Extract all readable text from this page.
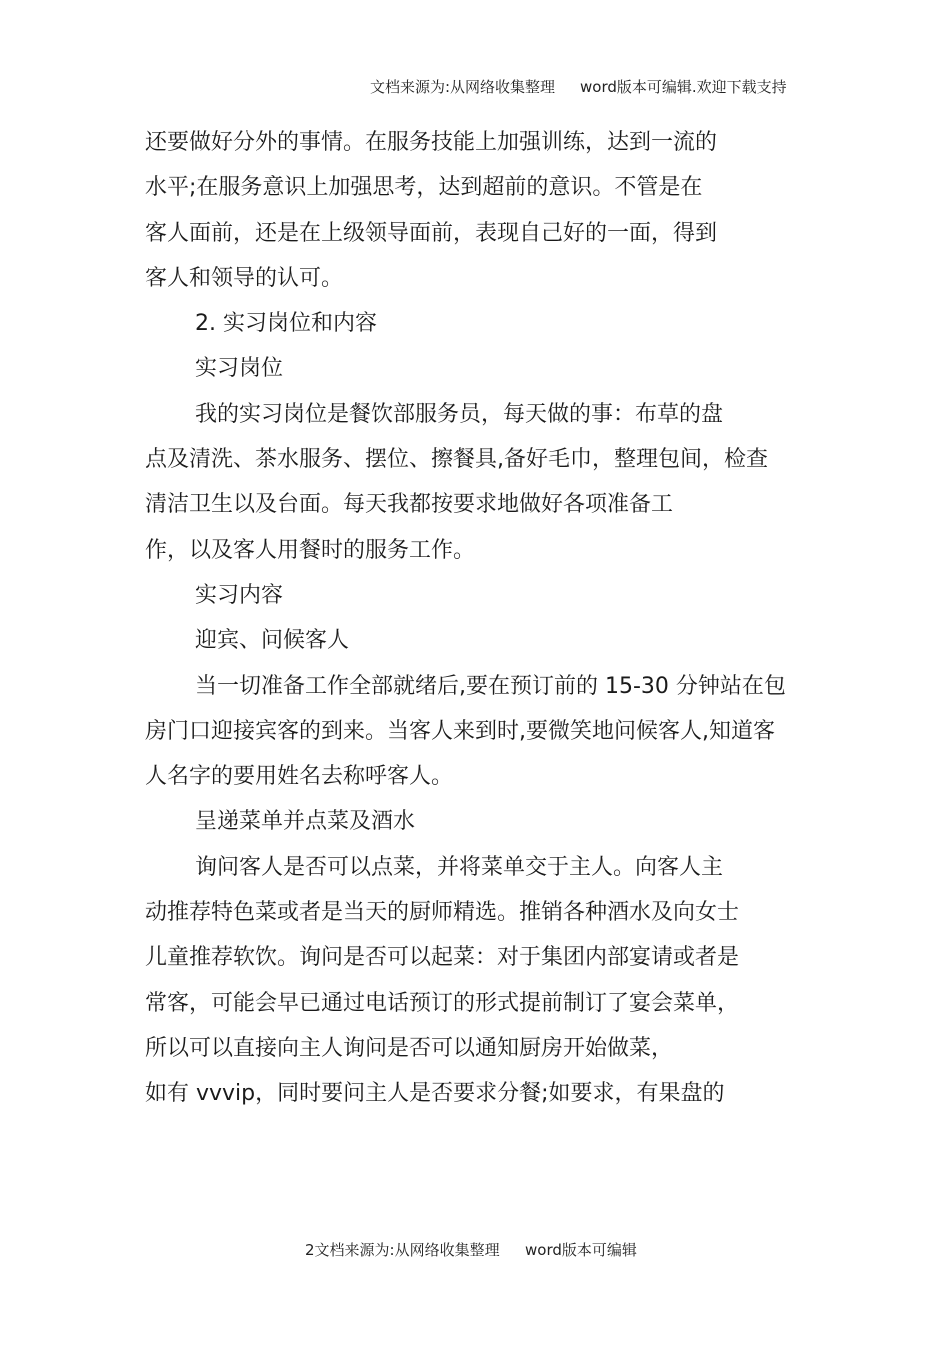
文档来源为:从网络收集整理 word版本可编辑.欢迎下载支持
还要做好分外的事情。在服务技能上加强训练，达到一流的
水平;在服务意识上加强思考，达到超前的意识。不管是在
客人面前，还是在上级领导面前，表现自己好的一面，得到
客人和领导的认可。
2. 实习岗位和内容
实习岗位
我的实习岗位是餐饮部服务员，每天做的事：布草的盘
点及清洗、茶水服务、摆位、擦餐具,备好毛巾，整理包间，检查
清洁卫生以及台面。每天我都按要求地做好各项准备工
作，以及客人用餐时的服务工作。
实习内容
迎宾、问候客人
当一切准备工作全部就绪后,要在预订前的 15-30 分钟站在包
房门口迎接宾客的到来。当客人来到时,要微笑地问候客人,知道客
人名字的要用姓名去称呼客人。
呈递菜单并点菜及酒水
询问客人是否可以点菜，并将菜单交于主人。向客人主
动推荐特色菜或者是当天的厨师精选。推销各种酒水及向女士
儿童推荐软饮。询问是否可以起菜：对于集团内部宴请或者是
常客，可能会早已通过电话预订的形式提前制订了宴会菜单，
所以可以直接向主人询问是否可以通知厨房开始做菜，
如有 vvvip，同时要问主人是否要求分餐;如要求，有果盘的
2文档来源为:从网络收集整理 word版本可编辑
